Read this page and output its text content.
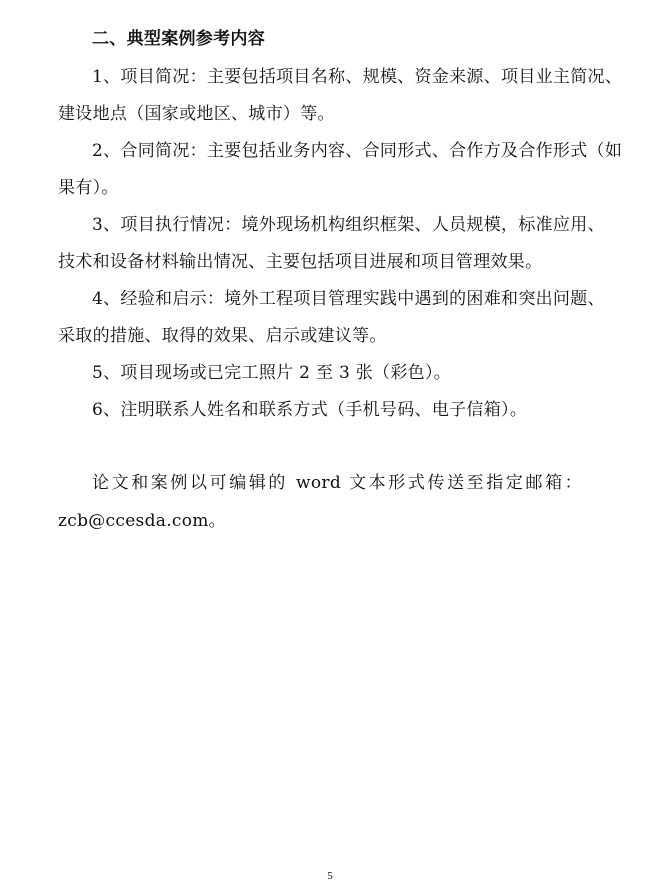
二、典型案例参考内容
1、项目简况：主要包括项目名称、规模、资金来源、项目业主简况、
建设地点（国家或地区、城市）等。
2、合同简况：主要包括业务内容、合同形式、合作方及合作形式（如
果有）。
3、项目执行情况：境外现场机构组织框架、人员规模，标准应用、
技术和设备材料输出情况、主要包括项目进展和项目管理效果。
4、经验和启示：境外工程项目管理实践中遇到的困难和突出问题、
采取的措施、取得的效果、启示或建议等。
5、项目现场或已完工照片 2 至 3 张（彩色）。
6、注明联系人姓名和联系方式（手机号码、电子信箱）。
论文和案例以可编辑的 word 文本形式传送至指定邮箱：
zcb@ccesda.com。
5
